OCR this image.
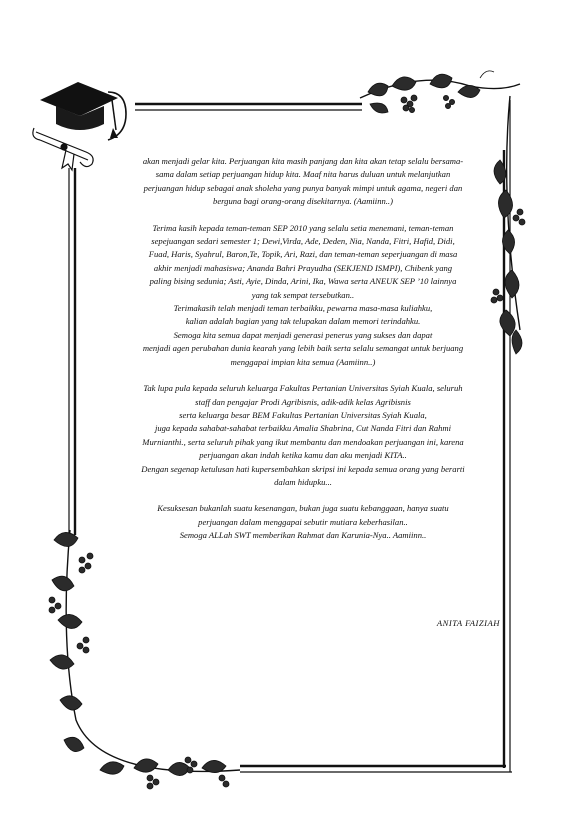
akan menjadi gelar kita. Perjuangan kita masih panjang dan kita akan tetap selalu bersama-

sama dalam setiap perjuangan hidup kita. Maaf nita harus duluan untuk melanjutkan

perjuangan hidup sebagai anak sholeha yang punya banyak mimpi untuk agama, negeri dan

berguna bagi orang-orang disekitarnya. (Aamiinn..)

Terima kasih kepada teman-teman SEP 2010 yang selalu setia menemani, teman-teman

sepejuangan sedari semester 1; Dewi,Virda, Ade, Deden, Nia, Nanda, Fitri, Hafid, Didi,

Fuad, Haris, Syahrul, Baron,Te, Topik, Ari, Razi, dan teman-teman seperjuangan di masa

akhir menjadi mahasiswa; Ananda Bahri Prayudha (SEKJEND ISMPI), Chibenk yang

paling bising sedunia; Asti, Ayie, Dinda, Arini, Ika, Wawa serta ANEUK SEP ’10 lainnya

yang tak sempat tersebutkan..

Terimakasih telah menjadi teman terbaikku, pewarna masa-masa kuliahku,

kalian adalah bagian yang tak telupakan dalam memori terindahku.

Semoga kita semua dapat menjadi generasi penerus yang sukses dan dapat

menjadi agen perubahan dunia kearah yang lebih baik serta selalu semangat untuk berjuang

menggapai impian kita semua (Aamiinn..)

Tak lupa pula kepada seluruh keluarga Fakultas Pertanian Universitas Syiah Kuala, seluruh

staff dan pengajar Prodi Agribisnis, adik-adik kelas Agribisnis

serta keluarga besar BEM Fakultas Pertanian Universitas Syiah Kuala,

juga kepada sahabat-sahabat terbaikku Amalia Shabrina, Cut Nanda Fitri dan Rahmi

Murnianthi., serta seluruh pihak yang ikut membantu dan mendoakan perjuangan ini, karena

perjuangan akan indah ketika kamu dan aku menjadi KITA..

Dengan segenap ketulusan hati kupersembahkan skripsi ini kepada semua orang yang berarti

dalam hidupku...

Kesuksesan bukanlah suatu kesenangan, bukan juga suatu kebanggaan, hanya suatu

perjuangan dalam menggapai sebutir mutiara keberhasilan..

Semoga ALLah SWT memberikan Rahmat dan Karunia-Nya.. Aamiinn..

ANITA FAIZIAH
